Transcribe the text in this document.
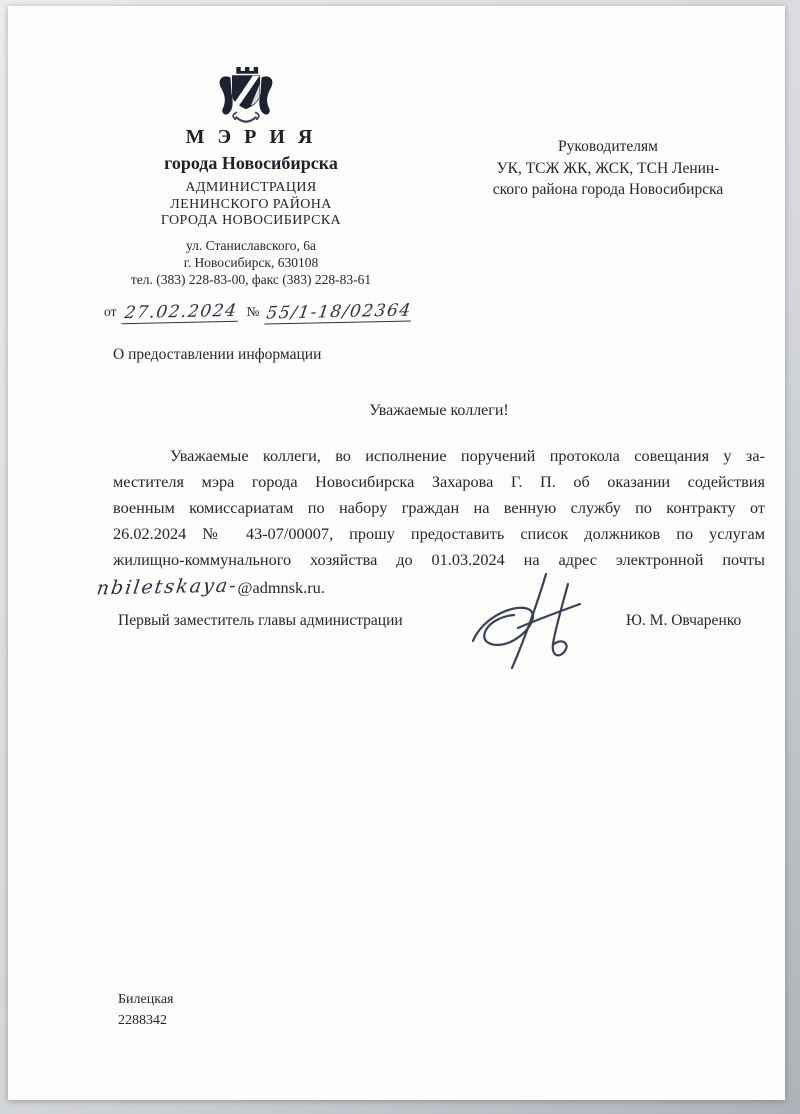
М Э Р И Я
города Новосибирска
АДМИНИСТРАЦИЯ
ЛЕНИНСКОГО РАЙОНА
ГОРОДА НОВОСИБИРСКА
ул. Станиславского, 6а
г. Новосибирск, 630108
тел. (383) 228-83-00, факс (383) 228-83-61
от 27.02.2024 № 55/1-18/02364
Руководителям
УК, ТСЖ ЖК, ЖСК, ТСН Ленин-
ского района города Новосибирска
О предоставлении информации
Уважаемые коллеги!
Уважаемые коллеги, во исполнение поручений протокола совещания у за-
местителя мэра города Новосибирска Захарова Г. П. об оказании содействия
военным комиссариатам по набору граждан на венную службу по контракту от
26.02.2024 № 43-07/00007, прошу предоставить список должников по услугам
жилищно-коммунального хозяйства до 01.03.2024 на адрес электронной почты
nbiletskaya-@admnsk.ru.
Первый заместитель главы администрации	Ю. М. Овчаренко
Билецкая
2288342
